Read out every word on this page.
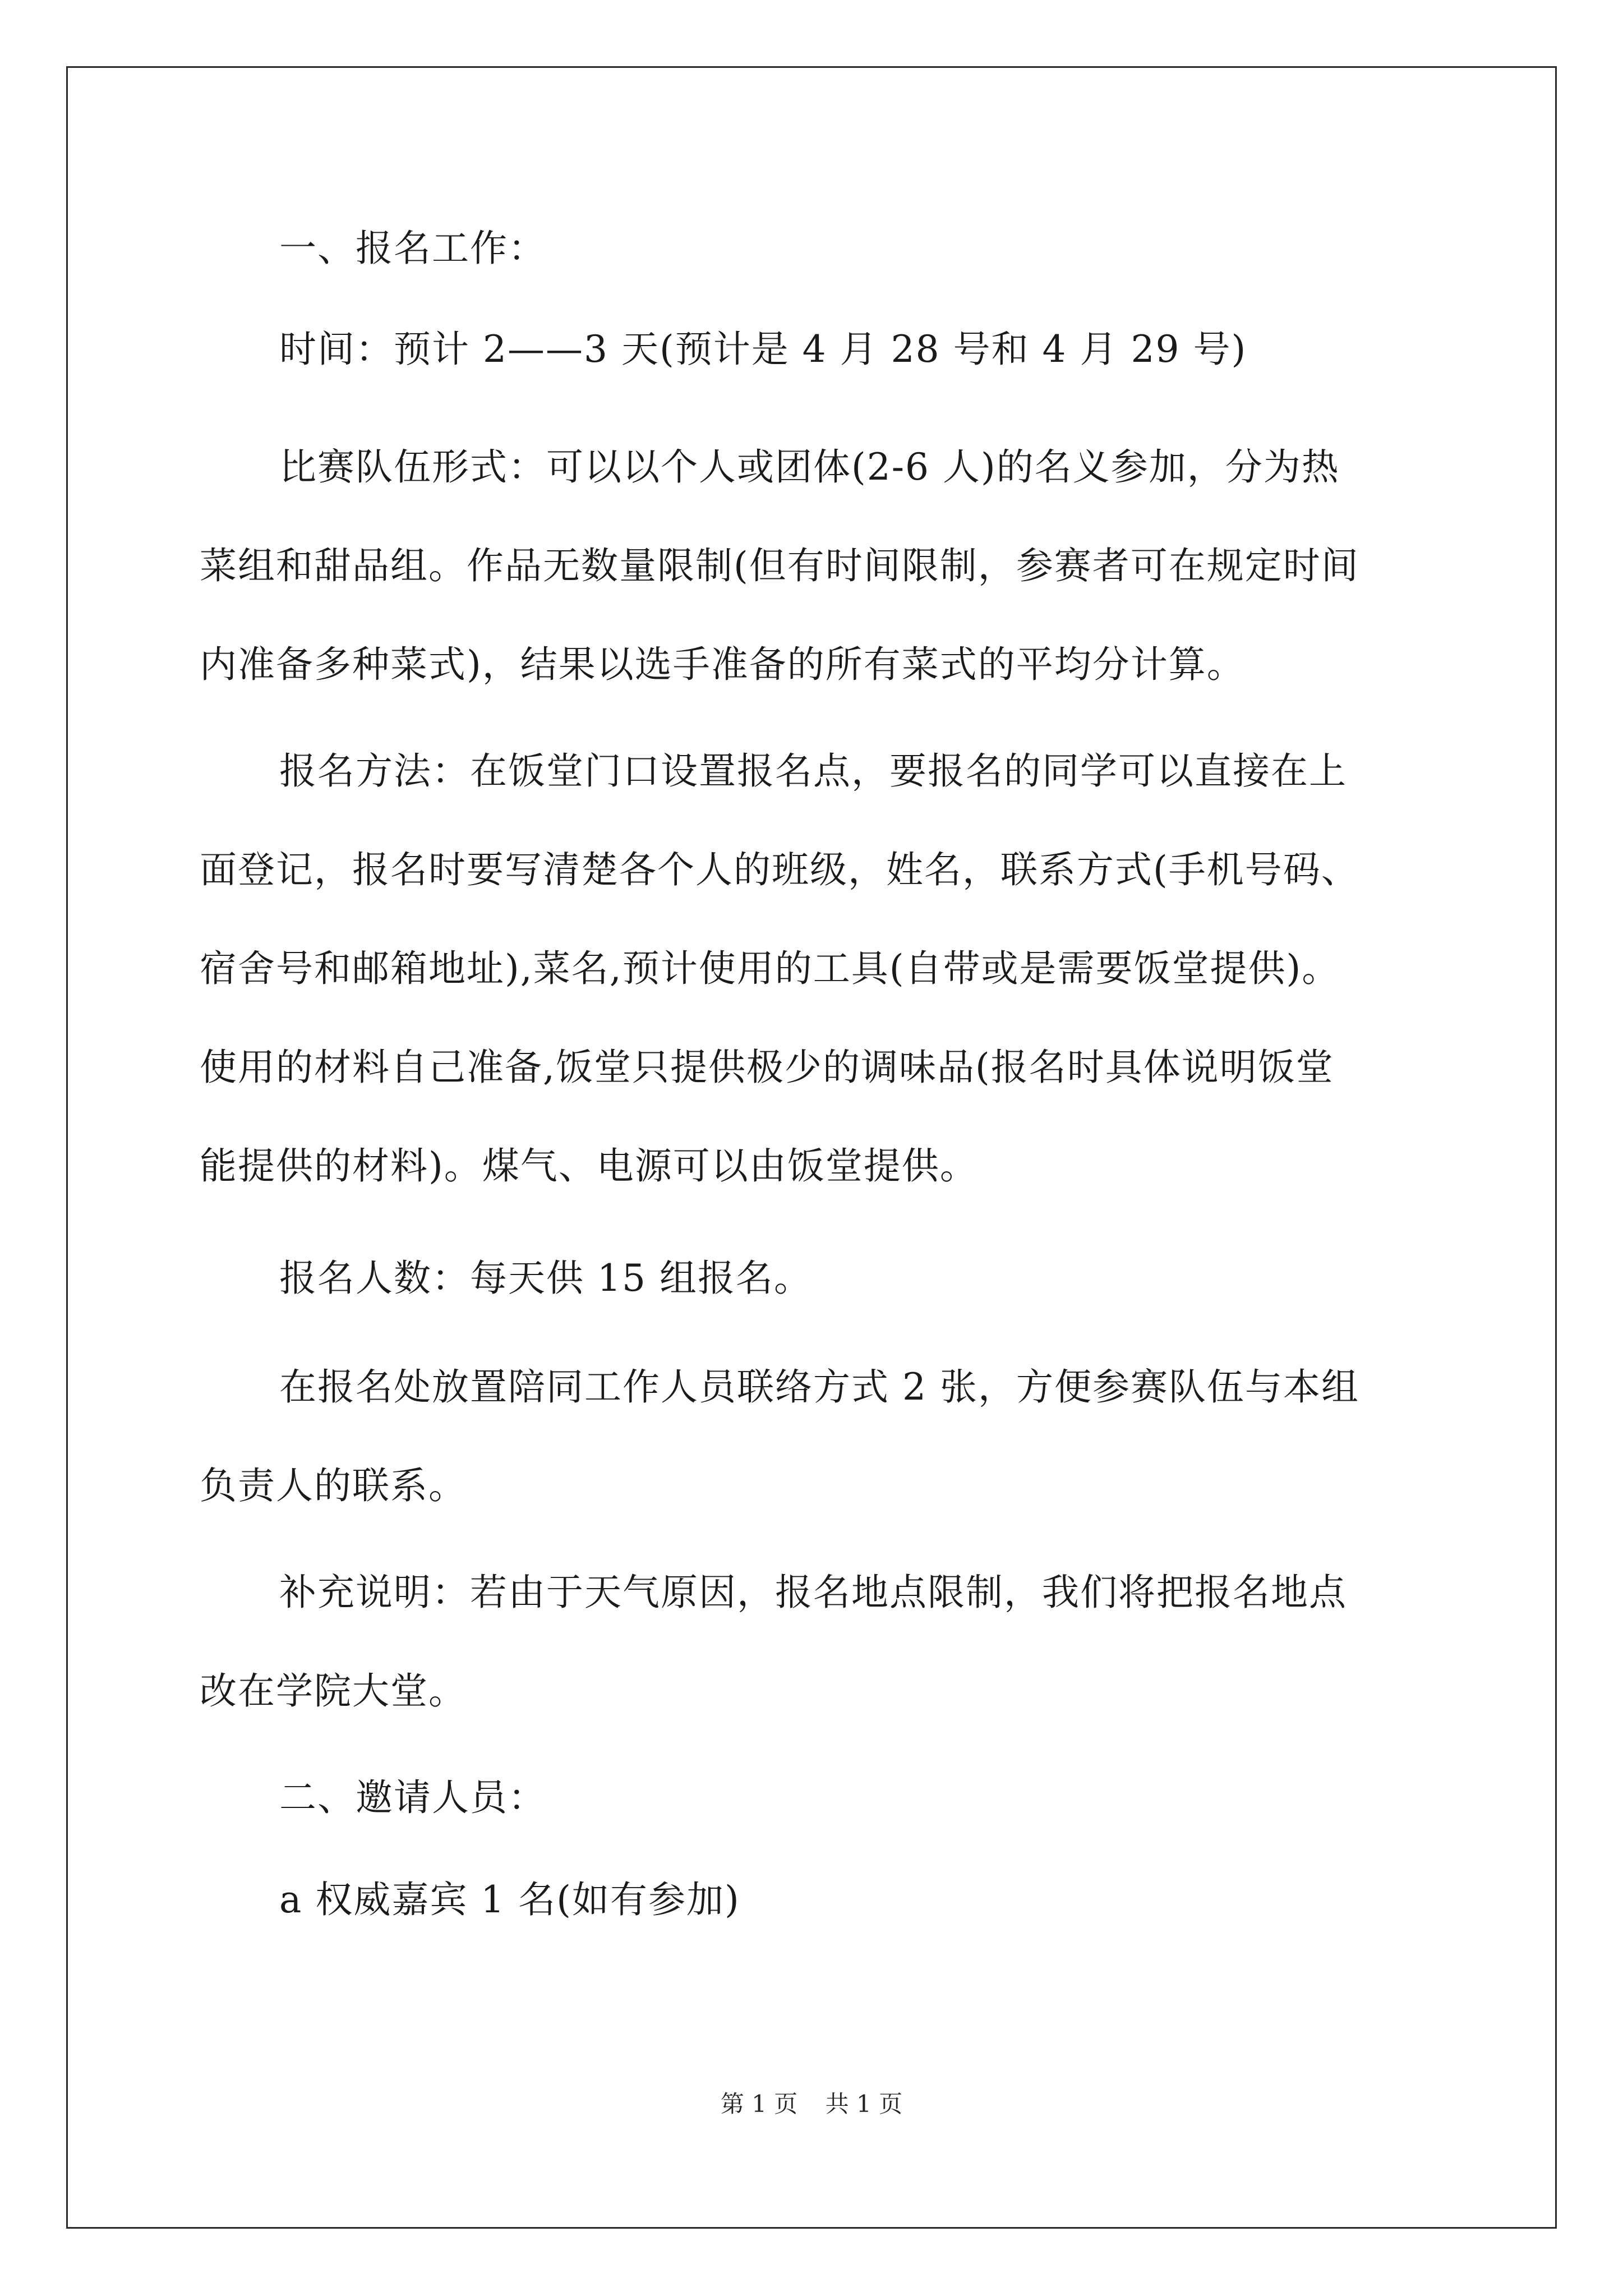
一、报名工作：
时间：预计 2——3 天(预计是 4 月 28 号和 4 月 29 号)
比赛队伍形式：可以以个人或团体(2-6 人)的名义参加，分为热
菜组和甜品组。作品无数量限制(但有时间限制，参赛者可在规定时间
内准备多种菜式)，结果以选手准备的所有菜式的平均分计算。
报名方法：在饭堂门口设置报名点，要报名的同学可以直接在上
面登记，报名时要写清楚各个人的班级，姓名，联系方式(手机号码、
宿舍号和邮箱地址),菜名,预计使用的工具(自带或是需要饭堂提供)。
使用的材料自己准备,饭堂只提供极少的调味品(报名时具体说明饭堂
能提供的材料)。煤气、电源可以由饭堂提供。
报名人数：每天供 15 组报名。
在报名处放置陪同工作人员联络方式 2 张，方便参赛队伍与本组
负责人的联系。
补充说明：若由于天气原因，报名地点限制，我们将把报名地点
改在学院大堂。
二、邀请人员：
a 权威嘉宾 1 名(如有参加)
第 1 页 共 1 页
